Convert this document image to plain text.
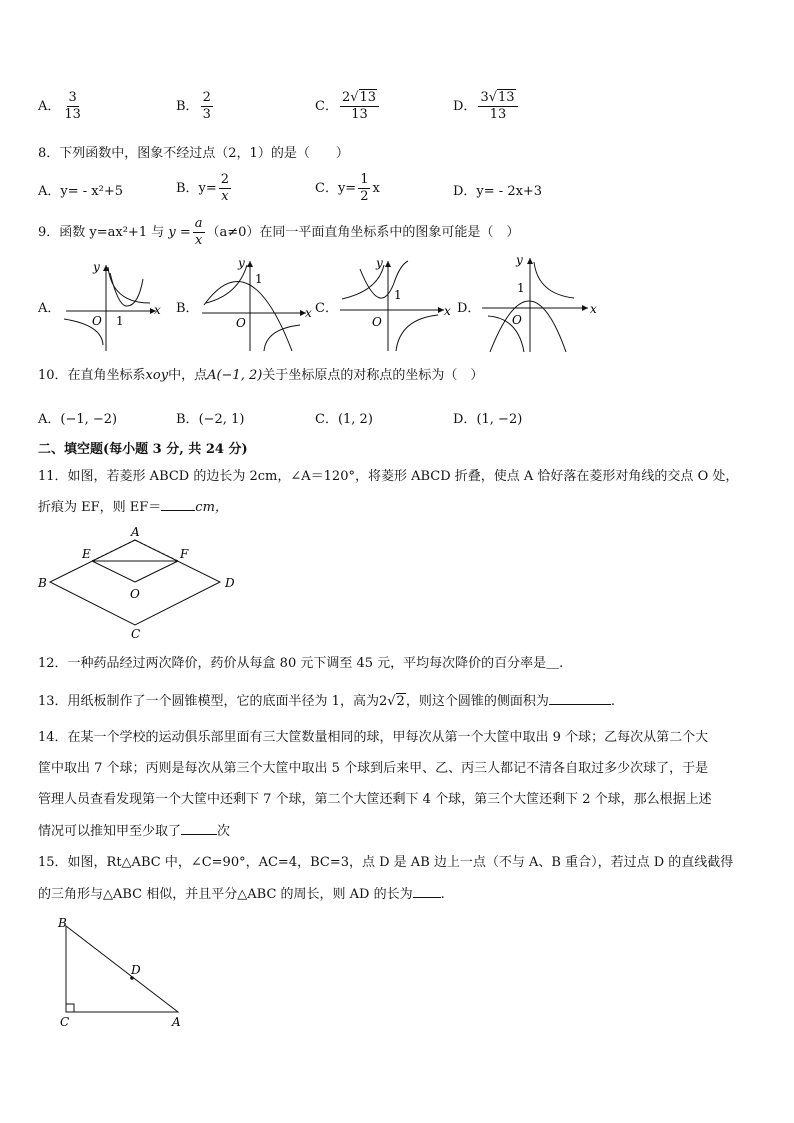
A． $\frac{3}{13}$	B． $\frac{2}{3}$	C． $\frac{2√13}{13}$	D． $\frac{3√13}{13}$
8．下列函数中，图象不经过点（2，1）的是（　　）
A．y= - x²+5	B．$y= \frac{2}{x}$	C．$y= \frac{1}{2}$ x	D．y= - 2x+3
9．函数 y=ax²+1 与 $y = \frac{a}{x} (a\ne 0)$在同一平面直角坐标系中的图象可能是（　）
A．	B．	C．	D．
y
x
O 1
y
x
O
1
y
x
O
1
y
x
O
1
10．在直角坐标系xoy中，点A(−1, 2)关于坐标原点的对称点的坐标为（　）
A．(−1, −2)	B．(−2, 1)	C．(1, 2)	D．(1, −2)
二、填空题(每小题 3 分, 共 24 分)
11．如图，若菱形 ABCD 的边长为 2cm，∠A＝120°，将菱形 ABCD 折叠，使点 A 恰好落在菱形对角线的交点 O 处，
折痕为 EF，则 EF＝	cm，
A
B
C
D
E	F
O
12．一种药品经过两次降价，药价从每盒 80 元下调至 45 元，平均每次降价的百分率是＿.
13．用纸板制作了一个圆锥模型，它的底面半径为 1，高为2√2，则这个圆锥的侧面积为	.
14．在某一个学校的运动俱乐部里面有三大筐数量相同的球，甲每次从第一个大筐中取出 9 个球；乙每次从第二个大
筐中取出 7 个球；丙则是每次从第三个大筐中取出 5 个球到后来甲、乙、丙三人都记不清各自取过多少次球了，于是
管理人员查看发现第一个大筐中还剩下 7 个球，第二个大筐还剩下 4 个球，第三个大筐还剩下 2 个球，那么根据上述
情况可以推知甲至少取了	次
15．如图，Rt△ABC 中，∠C=90°，AC=4，BC=3，点 D 是 AB 边上一点（不与 A、B 重合），若过点 D 的直线截得
的三角形与△ABC 相似，并且平分△ABC 的周长，则 AD 的长为 .
B
C	A
D
